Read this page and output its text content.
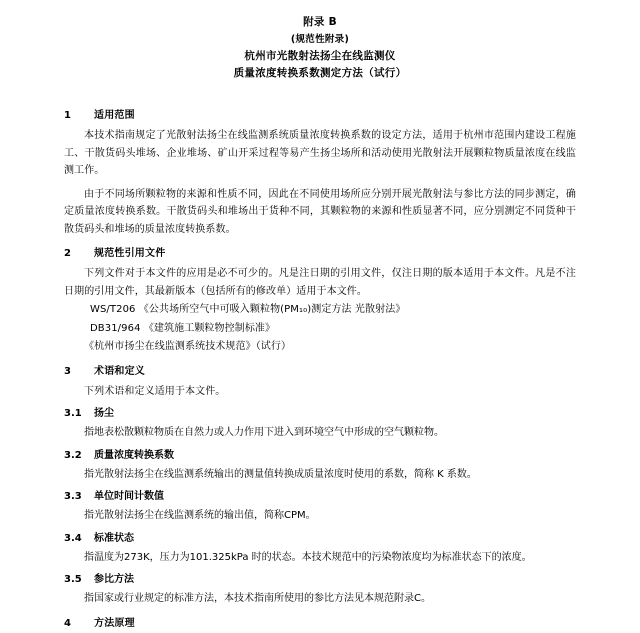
附录 B
(规范性附录)
杭州市光散射法扬尘在线监测仪
质量浓度转换系数测定方法（试行）
1	适用范围

本技术指南规定了光散射法扬尘在线监测系统质量浓度转换系数的设定方法，适用于杭州市范围内建设工程施工、干散货码头堆场、企业堆场、矿山开采过程等易产生扬尘场所和活动使用光散射法开展颗粒物质量浓度在线监测工作。

由于不同场所颗粒物的来源和性质不同，因此在不同使用场所应分别开展光散射法与参比方法的同步测定，确定质量浓度转换系数。干散货码头和堆场出于货种不同，其颗粒物的来源和性质显著不同，应分别测定不同货种干散货码头和堆场的质量浓度转换系数。

2	规范性引用文件

下列文件对于本文件的应用是必不可少的。凡是注日期的引用文件，仅注日期的版本适用于本文件。凡是不注日期的引用文件，其最新版本（包括所有的修改单）适用于本文件。

WS/T206 《公共场所空气中可吸入颗粒物(PM₁₀)测定方法 光散射法》

DB31/964 《建筑施工颗粒物控制标准》

《杭州市扬尘在线监测系统技术规范》（试行）

3	术语和定义

下列术语和定义适用于本文件。

3.1 扬尘

指地表松散颗粒物质在自然力或人力作用下进入到环境空气中形成的空气颗粒物。

3.2 质量浓度转换系数

指光散射法扬尘在线监测系统输出的测量值转换成质量浓度时使用的系数，简称 K 系数。

3.3 单位时间计数值

指光散射法扬尘在线监测系统的输出值，简称CPM。

3.4 标准状态

指温度为273K，压力为101.325kPa 时的状态。本技术规范中的污染物浓度均为标准状态下的浓度。

3.5 参比方法

指国家或行业规定的标准方法，本技术指南所使用的参比方法见本规范附录C。

4	方法原理
